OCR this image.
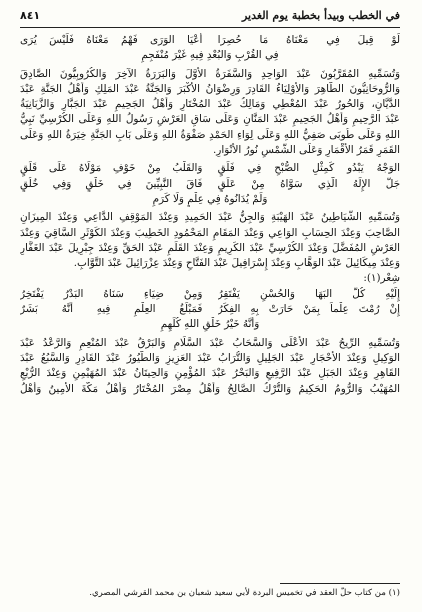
في الخطب وبيدأ بخطبة يوم الغدير
٨٤١
لَوْ قِيلَ فِي مَعْنَاهُ مَا حُصِرَا
أَعْيَا الوَرَى فَهْمُ مَعْنَاهُ فَلَيْسَ يُرَى

فِي القُرْبِ وَالبُعْدِ فِيهِ غَيْرَ مُنْفَجِمِ

وَتُسَمِّيهِ المُقَرَّبُونَ عَبْدَ الوَاحِدِ وَالسَّفَرَةُ الأَوَّلَ وَالبَرَرَةُ الآخِرَ وَالكُرُوبِيُّونَ الصَّادِقَ

وَالرُّوحَانِيُّونَ الطَّاهِرَ وَالأَوْلِيَاءُ القَادِرَ وَرِضْوَانُ الأَكْبَرَ وَالجَنَّةُ عَبْدَ المَلِكِ وَأَهْلُ الجَنَّةِ عَبْدَ

الدَّيَّانِ، وَالحُورُ عَبْدَ المُعْطِي وَمَالِكُ عَبْدَ المُخْتَارِ وَأَهْلُ الجَحِيمِ عَبْدَ الجَبَّارِ وَالزَّبَانِيَةُ

عَبْدَ الرَّحِيمِ وَأَهْلُ الجَحِيمِ عَبْدَ المَنَّانِ وَعَلَى سَاقِ العَرْشِ رَسُولُ اللهِ وَعَلَى الكُرْسِيِّ نَبِيُّ

اللهِ وَعَلَى طُوبَى صَفِيُّ اللهِ وَعَلَى لِوَاءِ الحَمْدِ صَفْوَةُ اللهِ وَعَلَى بَابِ الجَنَّةِ خِيَرَةُ اللهِ وَعَلَى

القَمَرِ قَمَرُ الأَقْمَارِ وَعَلَى الشَّمْسِ نُورُ الأَنْوَارِ.

الوَجْهُ يَبْدُو كَمِثْلِ الصُّبْحِ فِي فَلَقٍ
وَالقَلْبُ مِنْ خَوْفِ مَوْلَاهُ عَلَى قَلَقٍ
جَلَّ الإِلَهُ الَّذِي سَوَّاهُ مِنْ عَلَقٍ
فَاقَ النَّبِيِّينَ فِي خَلْقٍ وَفِي خُلُقٍ

وَلَمْ يُدَانُوهُ فِي عِلْمٍ وَلَا كَرَمِ

وَتُسَمِّيهِ الشَّيَاطِينُ عَبْدَ الهَيْبَةِ وَالجِنُّ عَبْدَ الحَمِيدِ وَعِنْدَ المَوْقِفِ الدَّاعِي وَعِنْدَ المِيزَانِ

الصَّاحِبَ وَعِنْدَ الحِسَابِ الوَاعِي وَعِنْدَ المَقَامِ المَحْمُودِ الخَطِيبَ وَعِنْدَ الكَوْثَرِ السَّاقِيَ وَعِنْدَ

العَرْشِ المُفَضَّلَ وَعِنْدَ الكُرْسِيِّ عَبْدَ الكَرِيمِ وَعِنْدَ القَلَمِ عَبْدَ الحَقِّ وَعِنْدَ جِبْرِيلَ عَبْدَ الغَفَّارِ

وَعِنْدَ مِيكَائِيلَ عَبْدَ الوَهَّابِ وَعِنْدَ إِسْرَافِيلَ عَبْدَ الفَتَّاحِ وَعِنْدَ عِزْرَائِيلَ عَبْدَ التَّوَّابِ.

شِعْر(١):

إِلَيْهِ كُلُّ البَهَا وَالحُسْنِ يَفْتَقِرُ
وَمِنْ ضِيَاءِ سَنَاهُ البَدْرُ يَفْتَخِرُ
إِنْ رُمْتَ عِلْماً بِمَنْ حَارَتْ بِهِ الفِكَرُ
فَمَبْلَغُ العِلْمِ فِيهِ أَنَّهُ بَشَرٌ

وَأَنَّهُ خَيْرُ خَلْقِ اللهِ كُلِّهِمِ

وَتُسَمِّيهِ الرِّيحُ عَبْدَ الأَعْلَى وَالسَّحَابُ عَبْدَ السَّلَامِ وَالبَرْقُ عَبْدَ المُنْعِمِ وَالرَّعْدُ عَبْدَ

الوَكِيلِ وَعِنْدَ الأَحْجَارِ عَبْدَ الجَلِيلِ وَالتُّرَابُ عَبْدَ العَزِيزِ وَالطُّيُورُ عَبْدَ القَادِرِ وَالسَّبُعُ عَبْدَ

القَاهِرِ وَعِنْدَ الجَبَلِ عَبْدَ الرَّفِيعِ وَالبَحْرُ عَبْدَ المُؤْمِنِ وَالحِيتَانُ عَبْدَ المُهَيْمِنِ وَعِنْدَ الرُّبْعِ

المُهَيْبُ وَالرُّومُ الحَكِيمُ وَالتُّرْكُ الصَّالِحُ وَأَهْلُ مِصْرَ المُخْتَارُ وَأَهْلُ مَكَّةَ الأَمِينُ وَأَهْلُ

(١) من كتاب حلّ العقد في تخميس البردة لأبي سعيد شعبان بن محمد القرشي المصري.
